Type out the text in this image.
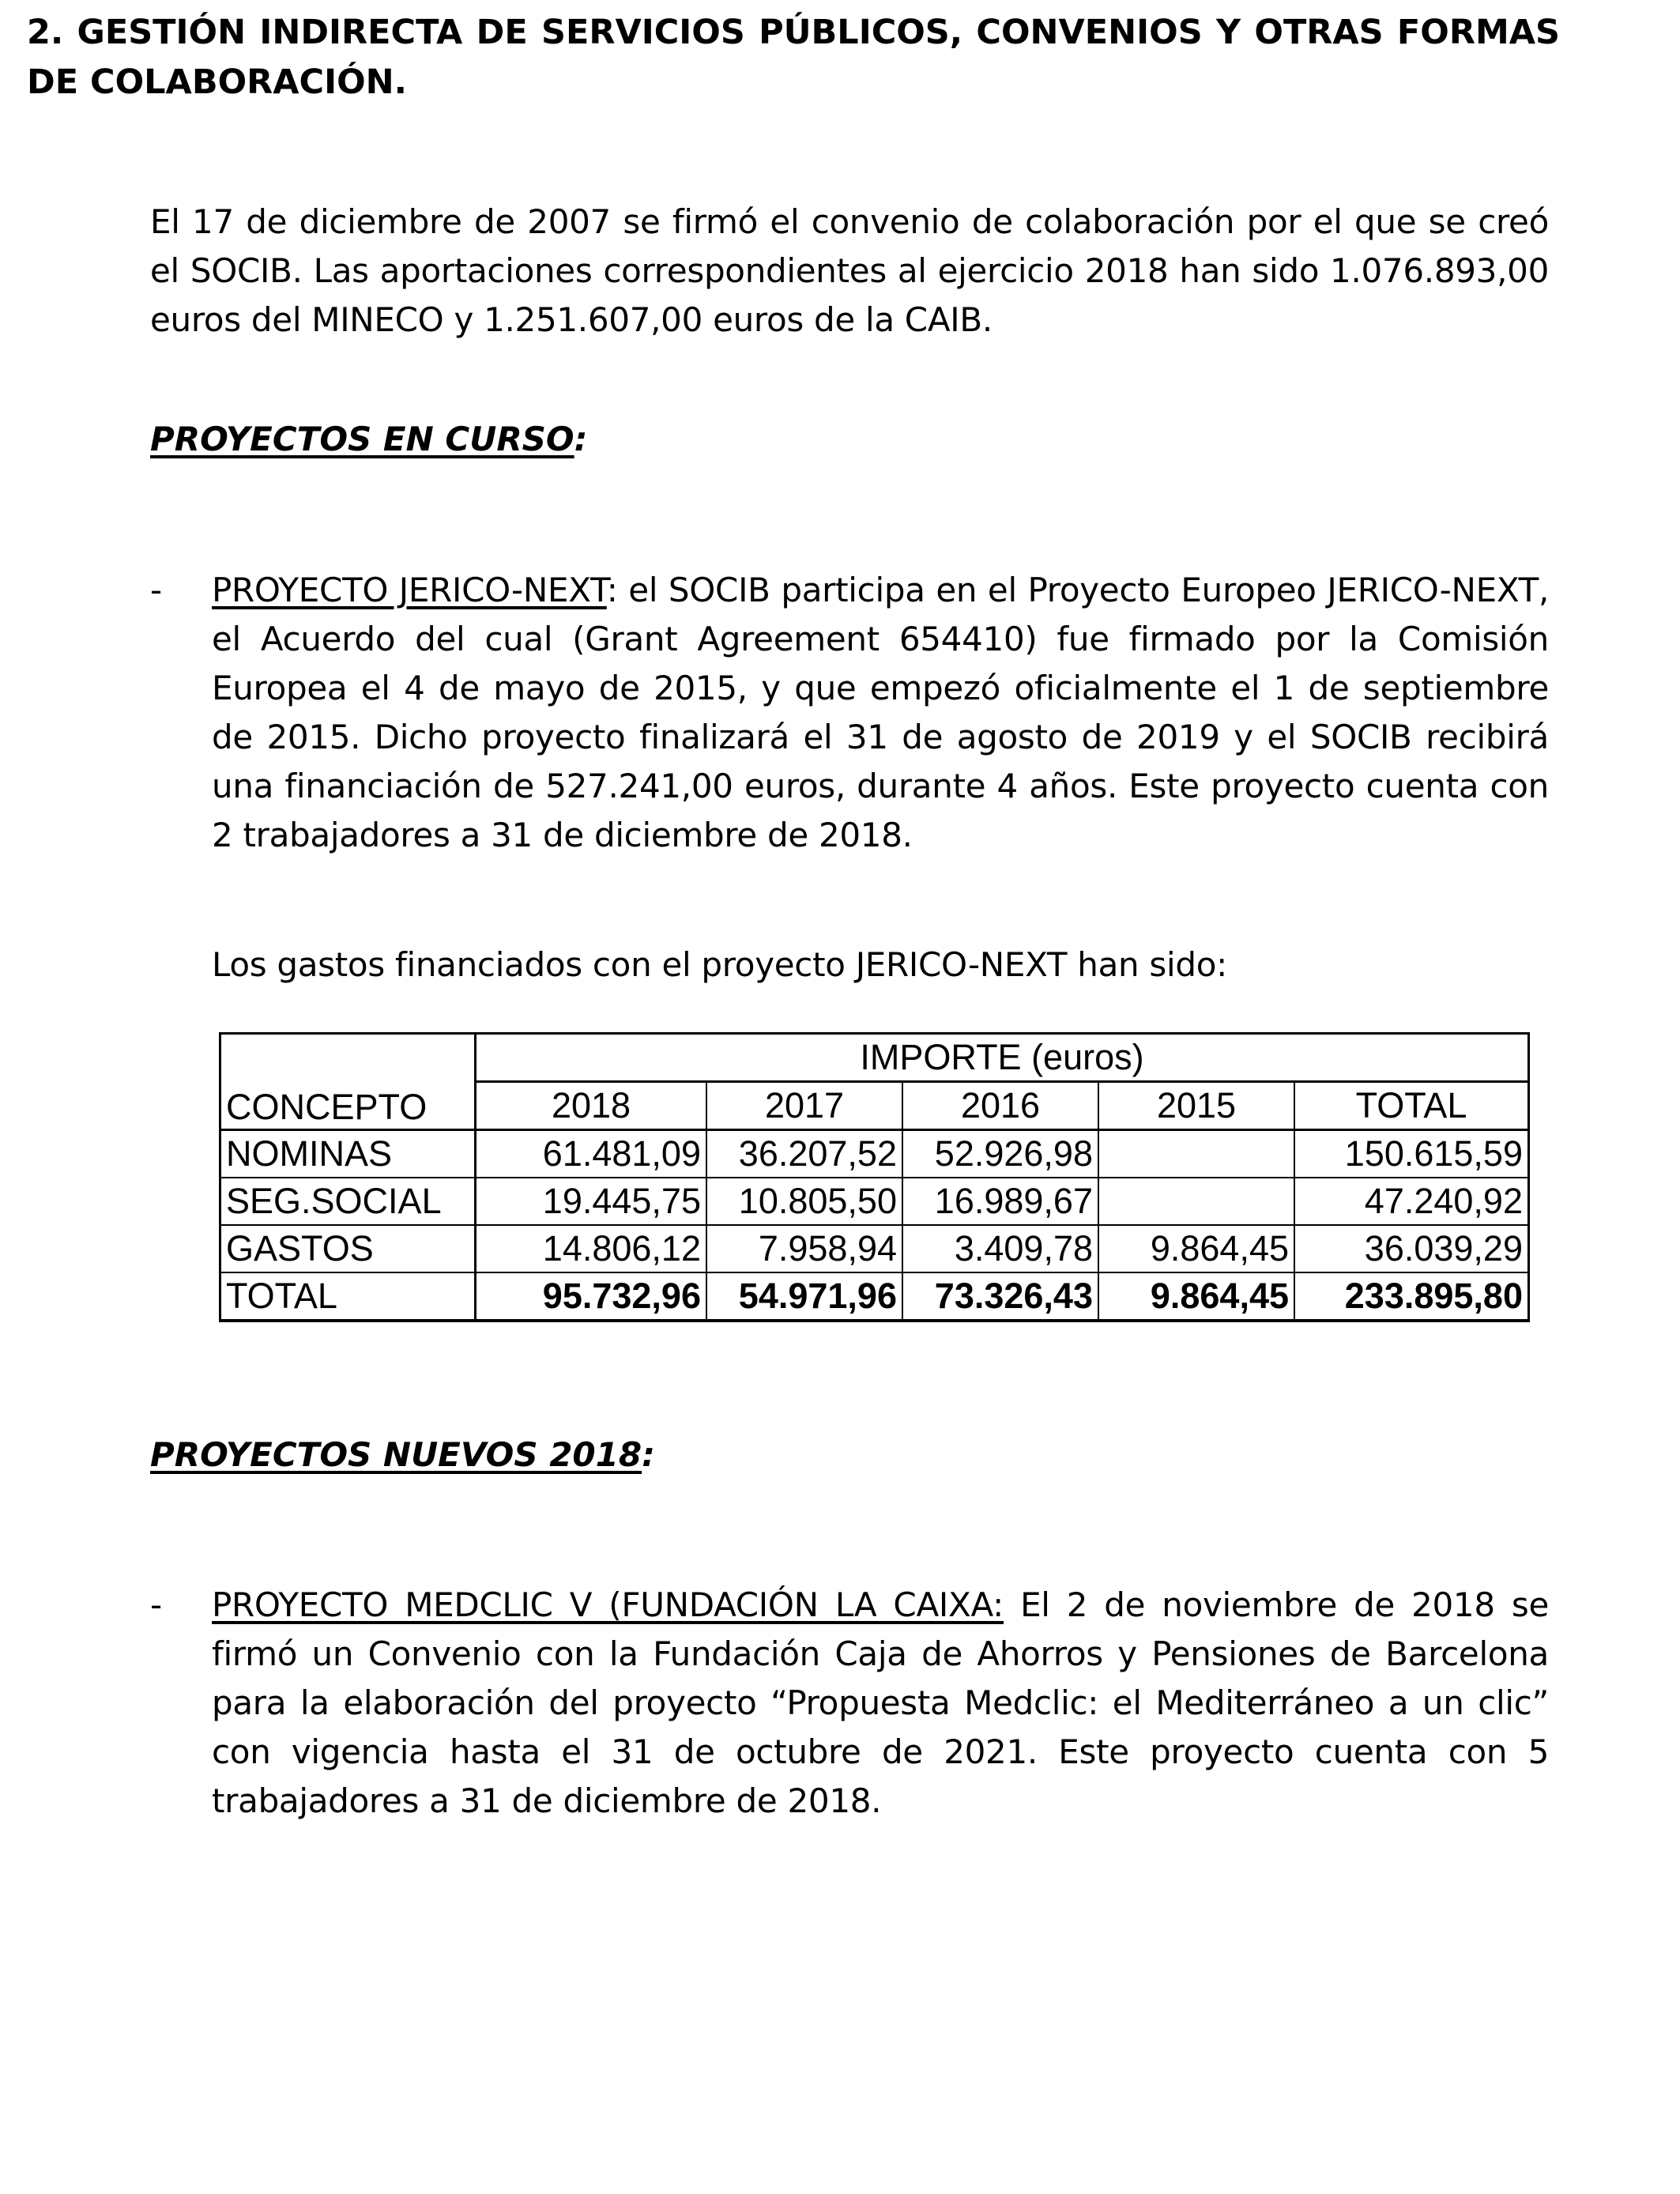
2. GESTIÓN INDIRECTA DE SERVICIOS PÚBLICOS, CONVENIOS Y OTRAS FORMAS DE COLABORACIÓN.

El 17 de diciembre de 2007 se firmó el convenio de colaboración por el que se creó el SOCIB. Las aportaciones correspondientes al ejercicio 2018 han sido 1.076.893,00 euros del MINECO y 1.251.607,00 euros de la CAIB.

PROYECTOS EN CURSO:

- PROYECTO JERICO-NEXT: el SOCIB participa en el Proyecto Europeo JERICO-NEXT, el Acuerdo del cual (Grant Agreement 654410) fue firmado por la Comisión Europea el 4 de mayo de 2015, y que empezó oficialmente el 1 de septiembre de 2015. Dicho proyecto finalizará el 31 de agosto de 2019 y el SOCIB recibirá una financiación de 527.241,00 euros, durante 4 años. Este proyecto cuenta con 2 trabajadores a 31 de diciembre de 2018.

Los gastos financiados con el proyecto JERICO-NEXT han sido:

CONCEPTO	IMPORTE (euros)				
	2018	2017	2016	2015	TOTAL
NOMINAS	61.481,09	36.207,52	52.926,98		150.615,59
SEG.SOCIAL	19.445,75	10.805,50	16.989,67		47.240,92
GASTOS	14.806,12	7.958,94	3.409,78	9.864,45	36.039,29
TOTAL	95.732,96	54.971,96	73.326,43	9.864,45	233.895,80

PROYECTOS NUEVOS 2018:

- PROYECTO MEDCLIC V (FUNDACIÓN LA CAIXA: El 2 de noviembre de 2018 se firmó un Convenio con la Fundación Caja de Ahorros y Pensiones de Barcelona para la elaboración del proyecto “Propuesta Medclic: el Mediterráneo a un clic” con vigencia hasta el 31 de octubre de 2021. Este proyecto cuenta con 5 trabajadores a 31 de diciembre de 2018.
